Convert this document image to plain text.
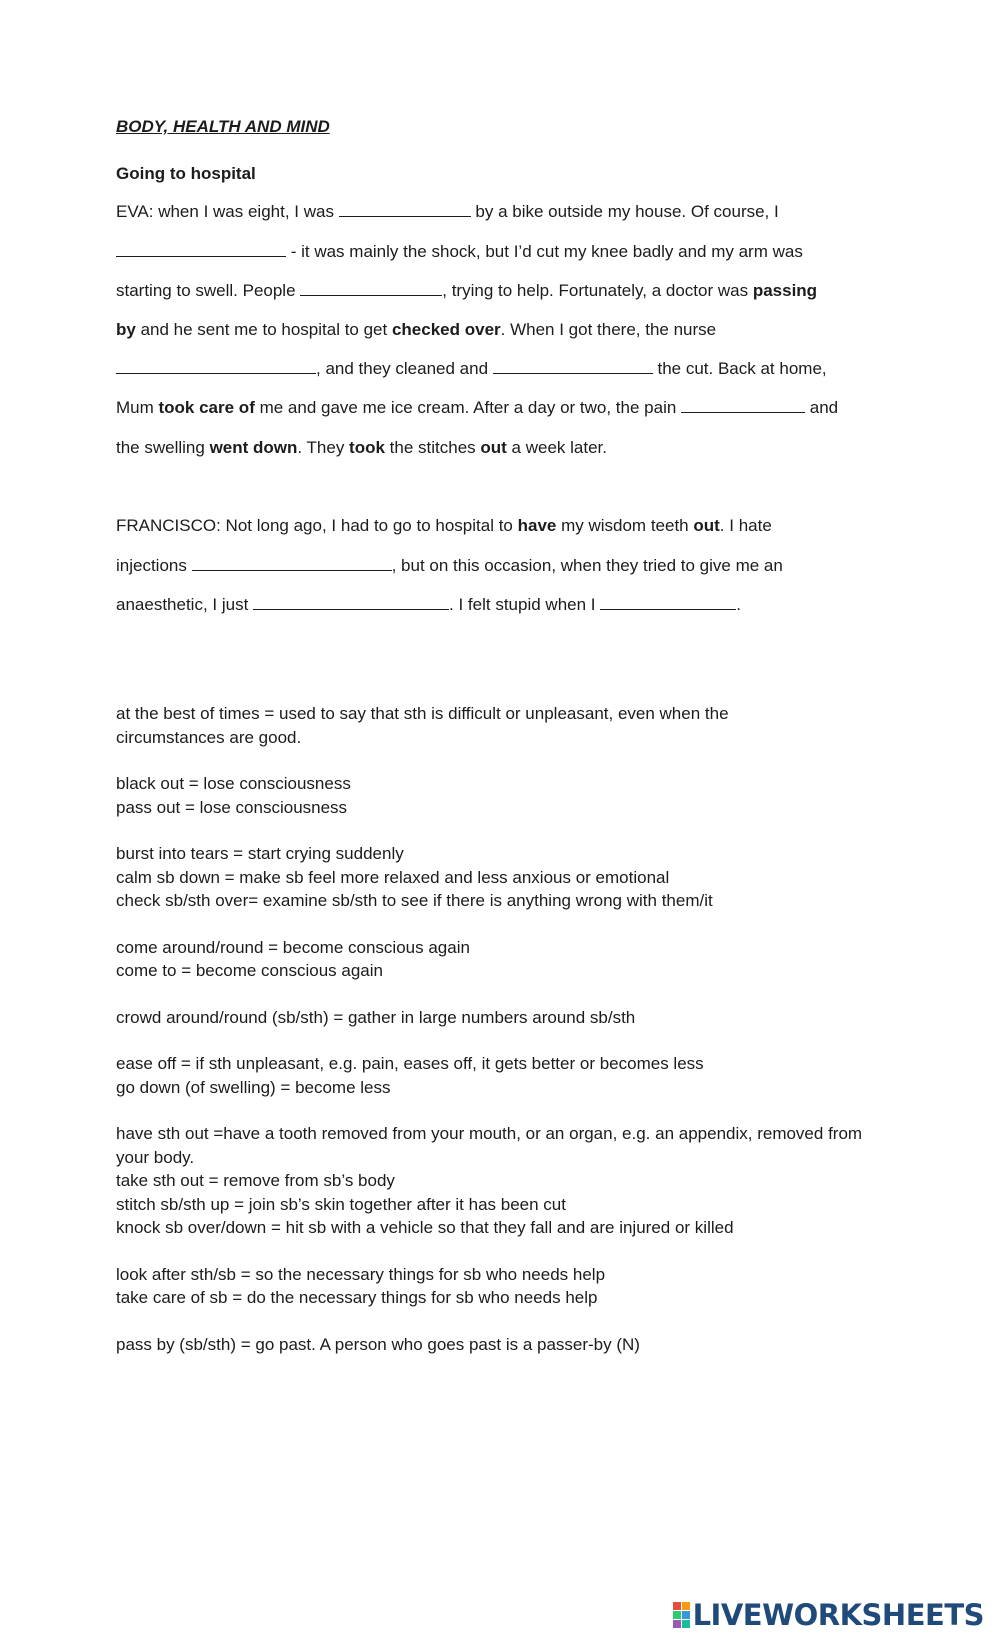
BODY, HEALTH AND MIND
Going to hospital
EVA: when I was eight, I was	by a bike outside my house. Of course, I
- it was mainly the shock, but I’d cut my knee badly and my arm was
starting to swell. People	, trying to help. Fortunately, a doctor was passing
by and he sent me to hospital to get checked over. When I got there, the nurse
, and they cleaned and	the cut. Back at home,
Mum took care of me and gave me ice cream. After a day or two, the pain	and
the swelling went down. They took the stitches out a week later.
FRANCISCO: Not long ago, I had to go to hospital to have my wisdom teeth out. I hate
injections	, but on this occasion, when they tried to give me an
anaesthetic, I just	. I felt stupid when I	.
at the best of times = used to say that sth is difficult or unpleasant, even when the circumstances are good.
black out = lose consciousness
pass out = lose consciousness
burst into tears = start crying suddenly
calm sb down = make sb feel more relaxed and less anxious or emotional
check sb/sth over= examine sb/sth to see if there is anything wrong with them/it
come around/round = become conscious again
come to = become conscious again
crowd around/round (sb/sth) = gather in large numbers around sb/sth
ease off = if sth unpleasant, e.g. pain, eases off, it gets better or becomes less
go down (of swelling) = become less
have sth out =have a tooth removed from your mouth, or an organ, e.g. an appendix, removed from your body.
take sth out = remove from sb’s body
stitch sb/sth up = join sb’s skin together after it has been cut
knock sb over/down = hit sb with a vehicle so that they fall and are injured or killed
look after sth/sb = so the necessary things for sb who needs help
take care of sb = do the necessary things for sb who needs help
pass by (sb/sth) = go past. A person who goes past is a passer-by (N)
LIVEWORKSHEETS
